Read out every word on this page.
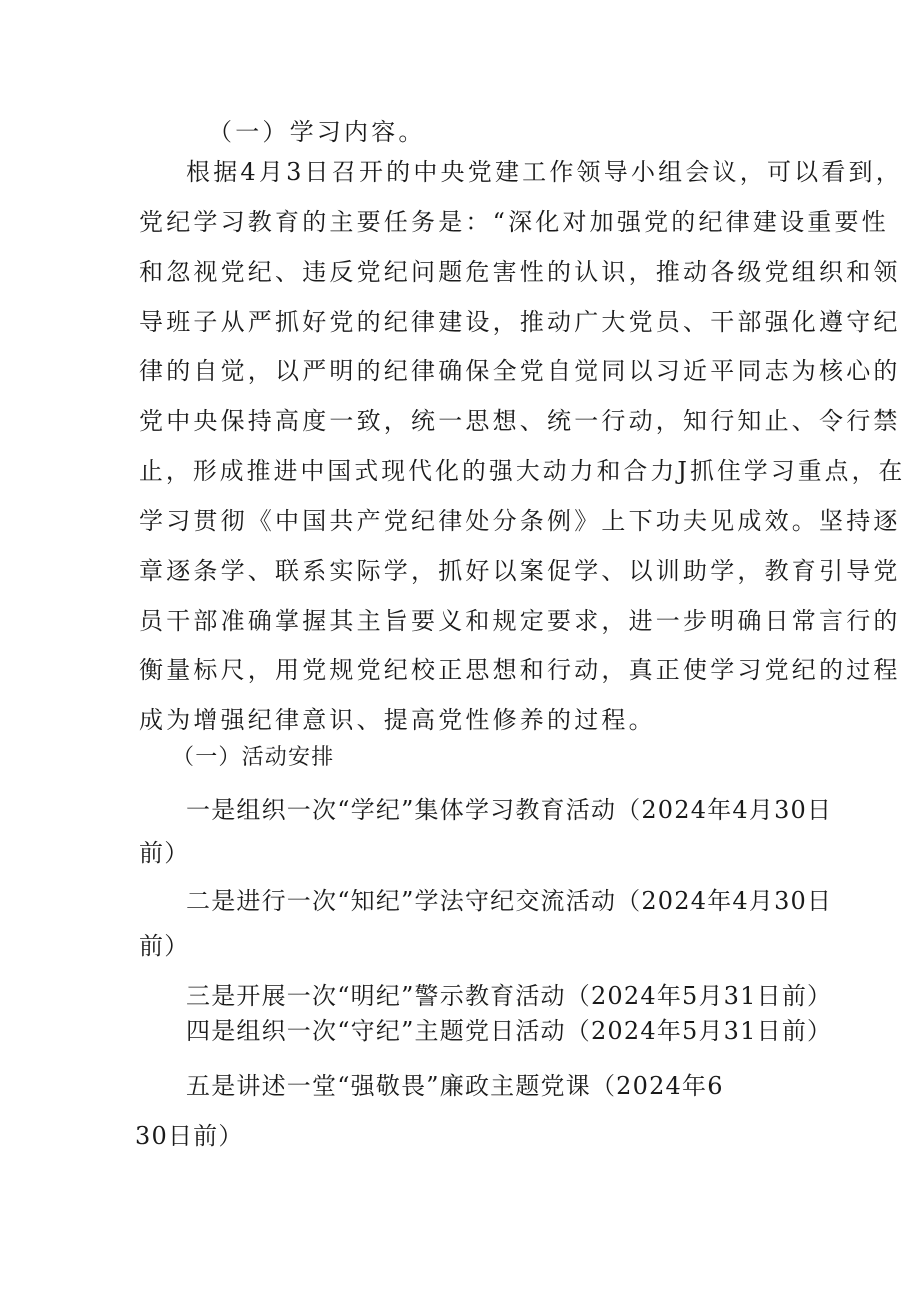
（一）学习内容。
根据4月3日召开的中央党建工作领导小组会议，可以看到，
党纪学习教育的主要任务是：“深化对加强党的纪律建设重要性
和忽视党纪、违反党纪问题危害性的认识，推动各级党组织和领
导班子从严抓好党的纪律建设，推动广大党员、干部强化遵守纪
律的自觉，以严明的纪律确保全党自觉同以习近平同志为核心的
党中央保持高度一致，统一思想、统一行动，知行知止、令行禁
止，形成推进中国式现代化的强大动力和合力J抓住学习重点，在
学习贯彻《中国共产党纪律处分条例》上下功夫见成效。坚持逐
章逐条学、联系实际学，抓好以案促学、以训助学，教育引导党
员干部准确掌握其主旨要义和规定要求，进一步明确日常言行的
衡量标尺，用党规党纪校正思想和行动，真正使学习党纪的过程
成为增强纪律意识、提高党性修养的过程。
（一）活动安排
一是组织一次“学纪”集体学习教育活动（2024年4月30日
前）
二是进行一次“知纪”学法守纪交流活动（2024年4月30日
前）
三是开展一次“明纪”警示教育活动（2024年5月31日前）
四是组织一次“守纪”主题党日活动（2024年5月31日前）
五是讲述一堂“强敬畏”廉政主题党课（2024年6
30日前）
